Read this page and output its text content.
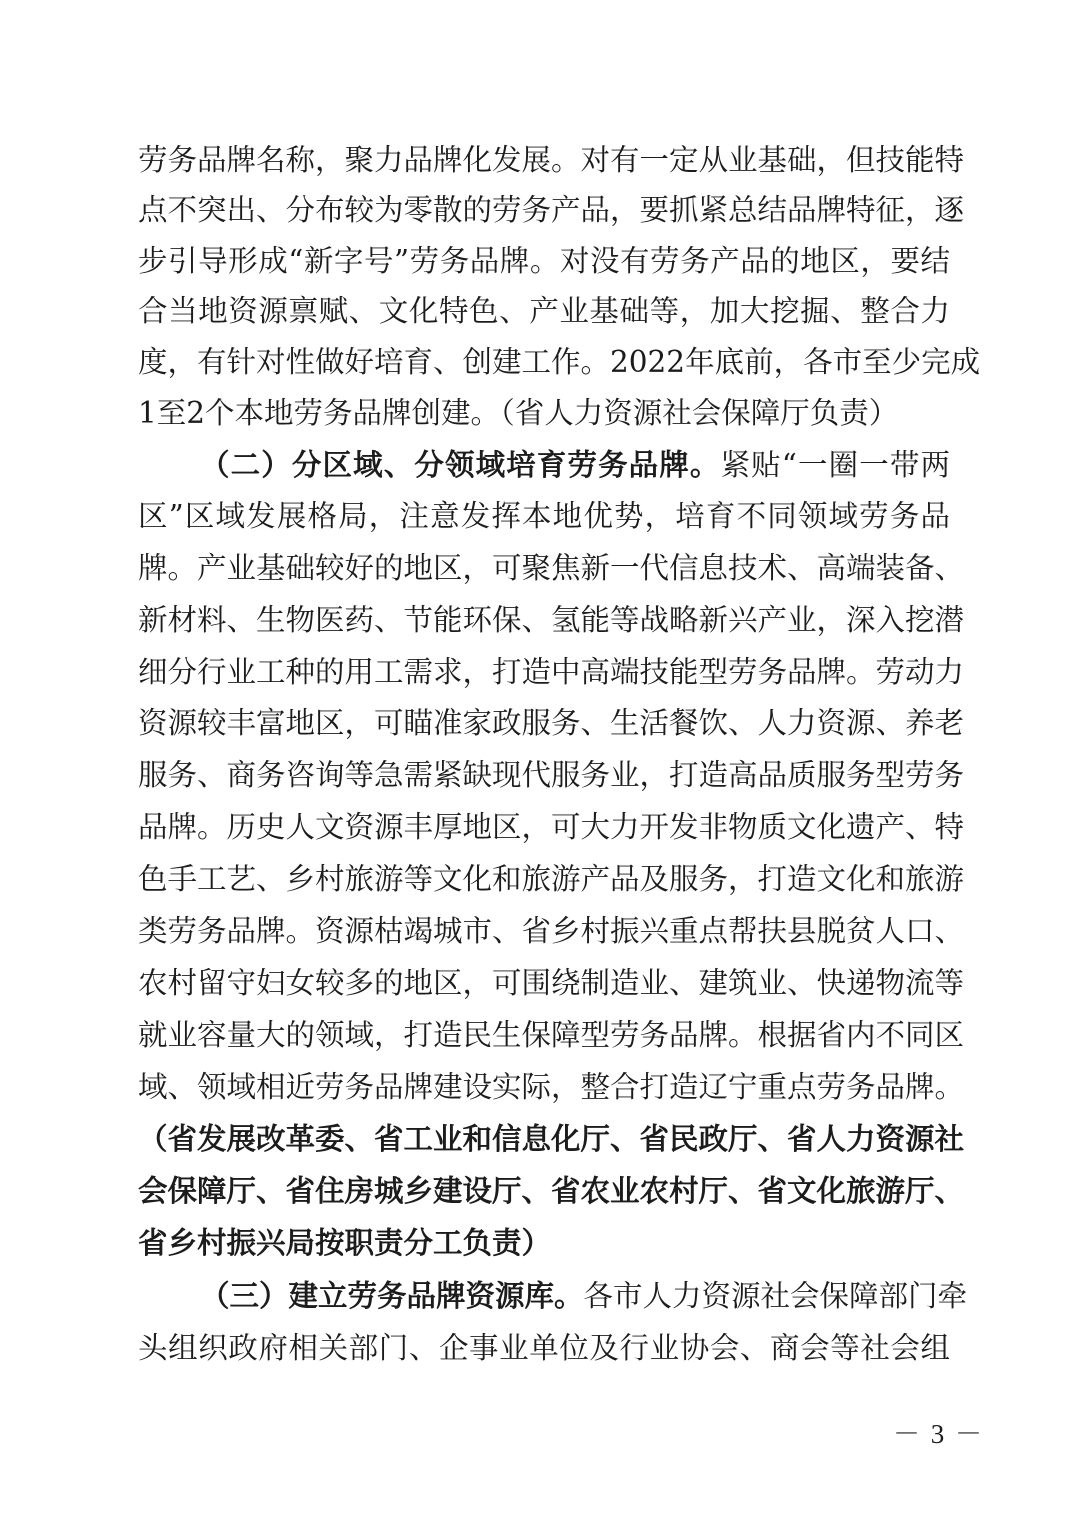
劳务品牌名称，聚力品牌化发展。对有一定从业基础，但技能特
点不突出、分布较为零散的劳务产品，要抓紧总结品牌特征，逐
步引导形成“新字号”劳务品牌。对没有劳务产品的地区，要结
合当地资源禀赋、文化特色、产业基础等，加大挖掘、整合力
度，有针对性做好培育、创建工作。2022年底前，各市至少完成
1至2个本地劳务品牌创建。（省人力资源社会保障厅负责）
（二）分区域、分领域培育劳务品牌。紧贴“一圈一带两
区”区域发展格局，注意发挥本地优势，培育不同领域劳务品
牌。产业基础较好的地区，可聚焦新一代信息技术、高端装备、
新材料、生物医药、节能环保、氢能等战略新兴产业，深入挖潜
细分行业工种的用工需求，打造中高端技能型劳务品牌。劳动力
资源较丰富地区，可瞄准家政服务、生活餐饮、人力资源、养老
服务、商务咨询等急需紧缺现代服务业，打造高品质服务型劳务
品牌。历史人文资源丰厚地区，可大力开发非物质文化遗产、特
色手工艺、乡村旅游等文化和旅游产品及服务，打造文化和旅游
类劳务品牌。资源枯竭城市、省乡村振兴重点帮扶县脱贫人口、
农村留守妇女较多的地区，可围绕制造业、建筑业、快递物流等
就业容量大的领域，打造民生保障型劳务品牌。根据省内不同区
域、领域相近劳务品牌建设实际，整合打造辽宁重点劳务品牌。
（省发展改革委、省工业和信息化厅、省民政厅、省人力资源社
会保障厅、省住房城乡建设厅、省农业农村厅、省文化旅游厅、
省乡村振兴局按职责分工负责）
（三）建立劳务品牌资源库。各市人力资源社会保障部门牵
头组织政府相关部门、企事业单位及行业协会、商会等社会组
－ 3 －
